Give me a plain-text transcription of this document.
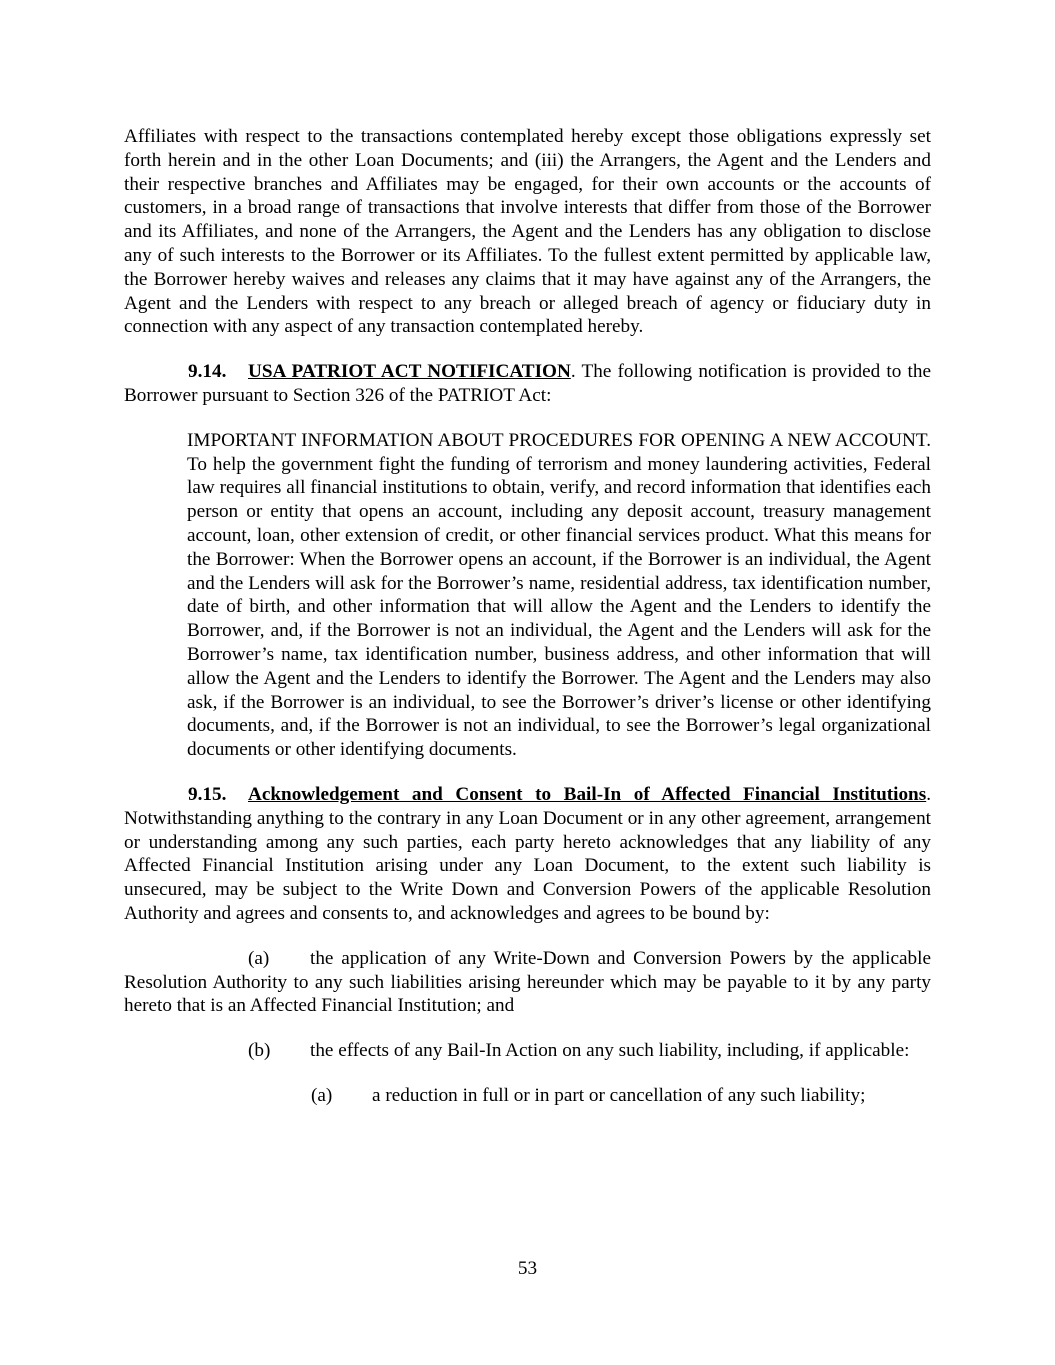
Affiliates with respect to the transactions contemplated hereby except those obligations expressly set forth herein and in the other Loan Documents; and (iii) the Arrangers, the Agent and the Lenders and their respective branches and Affiliates may be engaged, for their own accounts or the accounts of customers, in a broad range of transactions that involve interests that differ from those of the Borrower and its Affiliates, and none of the Arrangers, the Agent and the Lenders has any obligation to disclose any of such interests to the Borrower or its Affiliates. To the fullest extent permitted by applicable law, the Borrower hereby waives and releases any claims that it may have against any of the Arrangers, the Agent and the Lenders with respect to any breach or alleged breach of agency or fiduciary duty in connection with any aspect of any transaction contemplated hereby.

9.14. USA PATRIOT ACT NOTIFICATION. The following notification is provided to the Borrower pursuant to Section 326 of the PATRIOT Act:

IMPORTANT INFORMATION ABOUT PROCEDURES FOR OPENING A NEW ACCOUNT. To help the government fight the funding of terrorism and money laundering activities, Federal law requires all financial institutions to obtain, verify, and record information that identifies each person or entity that opens an account, including any deposit account, treasury management account, loan, other extension of credit, or other financial services product. What this means for the Borrower: When the Borrower opens an account, if the Borrower is an individual, the Agent and the Lenders will ask for the Borrower’s name, residential address, tax identification number, date of birth, and other information that will allow the Agent and the Lenders to identify the Borrower, and, if the Borrower is not an individual, the Agent and the Lenders will ask for the Borrower’s name, tax identification number, business address, and other information that will allow the Agent and the Lenders to identify the Borrower. The Agent and the Lenders may also ask, if the Borrower is an individual, to see the Borrower’s driver’s license or other identifying documents, and, if the Borrower is not an individual, to see the Borrower’s legal organizational documents or other identifying documents.

9.15. Acknowledgement and Consent to Bail-In of Affected Financial Institutions. Notwithstanding anything to the contrary in any Loan Document or in any other agreement, arrangement or understanding among any such parties, each party hereto acknowledges that any liability of any Affected Financial Institution arising under any Loan Document, to the extent such liability is unsecured, may be subject to the Write Down and Conversion Powers of the applicable Resolution Authority and agrees and consents to, and acknowledges and agrees to be bound by:

(a) the application of any Write-Down and Conversion Powers by the applicable Resolution Authority to any such liabilities arising hereunder which may be payable to it by any party hereto that is an Affected Financial Institution; and

(b) the effects of any Bail-In Action on any such liability, including, if applicable:

(a) a reduction in full or in part or cancellation of any such liability;

53
